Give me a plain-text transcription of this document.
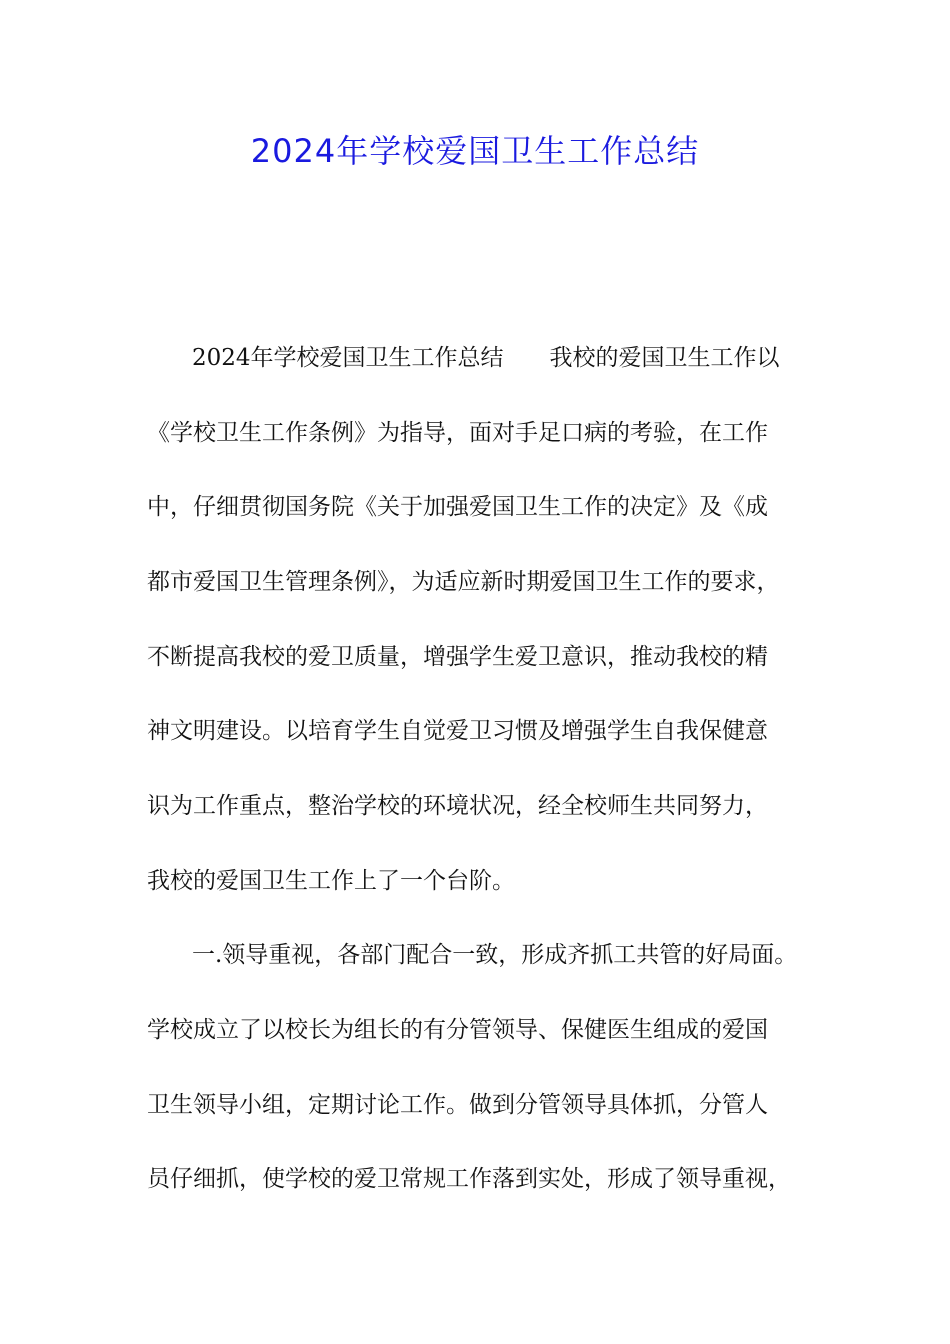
2024年学校爱国卫生工作总结
2024年学校爱国卫生工作总结　　我校的爱国卫生工作以
《学校卫生工作条例》为指导，面对手足口病的考验，在工作
中，仔细贯彻国务院《关于加强爱国卫生工作的决定》及《成
都市爱国卫生管理条例》，为适应新时期爱国卫生工作的要求，
不断提高我校的爱卫质量，增强学生爱卫意识，推动我校的精
神文明建设。以培育学生自觉爱卫习惯及增强学生自我保健意
识为工作重点，整治学校的环境状况，经全校师生共同努力，
我校的爱国卫生工作上了一个台阶。
一.领导重视，各部门配合一致，形成齐抓工共管的好局面。
学校成立了以校长为组长的有分管领导、保健医生组成的爱国
卫生领导小组，定期讨论工作。做到分管领导具体抓，分管人
员仔细抓，使学校的爱卫常规工作落到实处，形成了领导重视，
